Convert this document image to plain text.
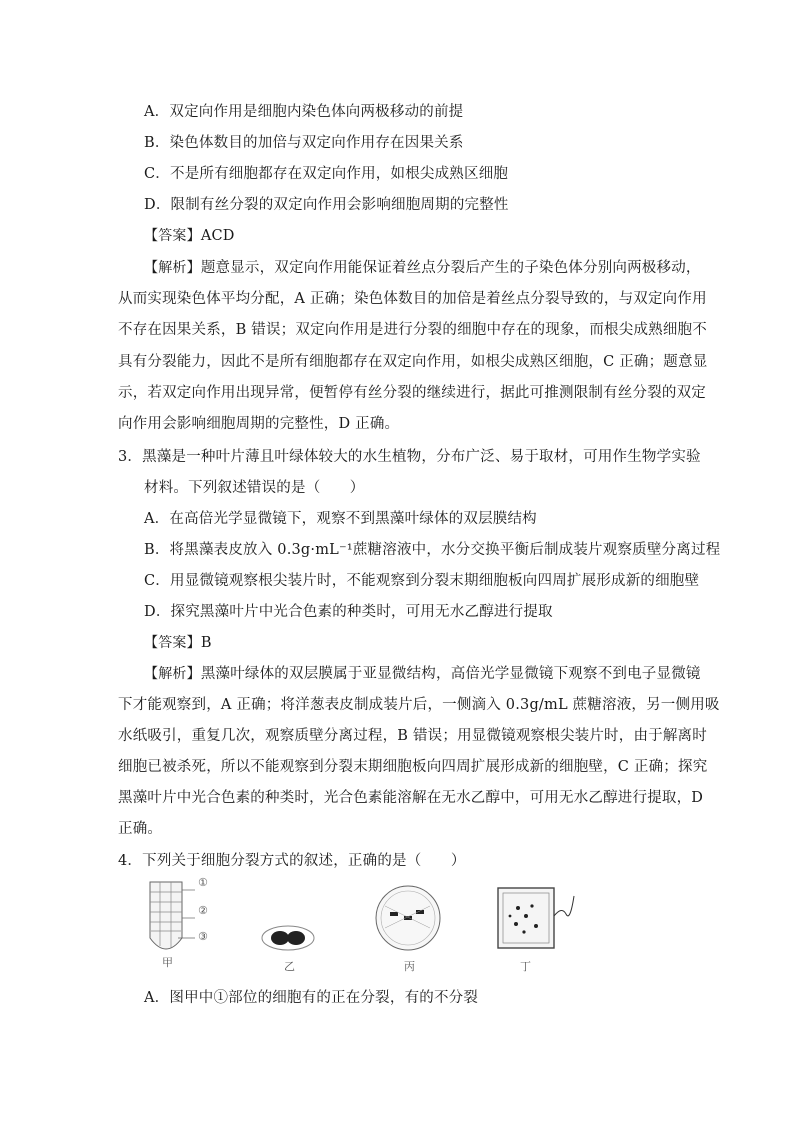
A．双定向作用是细胞内染色体向两极移动的前提
B．染色体数目的加倍与双定向作用存在因果关系
C．不是所有细胞都存在双定向作用，如根尖成熟区细胞
D．限制有丝分裂的双定向作用会影响细胞周期的完整性
【答案】ACD
【解析】题意显示，双定向作用能保证着丝点分裂后产生的子染色体分别向两极移动，
从而实现染色体平均分配，A 正确；染色体数目的加倍是着丝点分裂导致的，与双定向作用
不存在因果关系，B 错误；双定向作用是进行分裂的细胞中存在的现象，而根尖成熟细胞不
具有分裂能力，因此不是所有细胞都存在双定向作用，如根尖成熟区细胞，C 正确；题意显
示，若双定向作用出现异常，便暂停有丝分裂的继续进行，据此可推测限制有丝分裂的双定
向作用会影响细胞周期的完整性，D 正确。
3．黑藻是一种叶片薄且叶绿体较大的水生植物，分布广泛、易于取材，可用作生物学实验
材料。下列叙述错误的是（　　）
A．在高倍光学显微镜下，观察不到黑藻叶绿体的双层膜结构
B．将黑藻表皮放入 0.3g·mL⁻¹蔗糖溶液中，水分交换平衡后制成装片观察质壁分离过程
C．用显微镜观察根尖装片时，不能观察到分裂末期细胞板向四周扩展形成新的细胞壁
D．探究黑藻叶片中光合色素的种类时，可用无水乙醇进行提取
【答案】B
【解析】黑藻叶绿体的双层膜属于亚显微结构，高倍光学显微镜下观察不到电子显微镜
下才能观察到，A 正确；将洋葱表皮制成装片后，一侧滴入 0.3g/mL 蔗糖溶液，另一侧用吸
水纸吸引，重复几次，观察质壁分离过程，B 错误；用显微镜观察根尖装片时，由于解离时
细胞已被杀死，所以不能观察到分裂末期细胞板向四周扩展形成新的细胞壁，C 正确；探究
黑藻叶片中光合色素的种类时，光合色素能溶解在无水乙醇中，可用无水乙醇进行提取，D
正确。
4．下列关于细胞分裂方式的叙述，正确的是（　　）
①
②
③
甲	乙	丙	丁
A．图甲中①部位的细胞有的正在分裂，有的不分裂
